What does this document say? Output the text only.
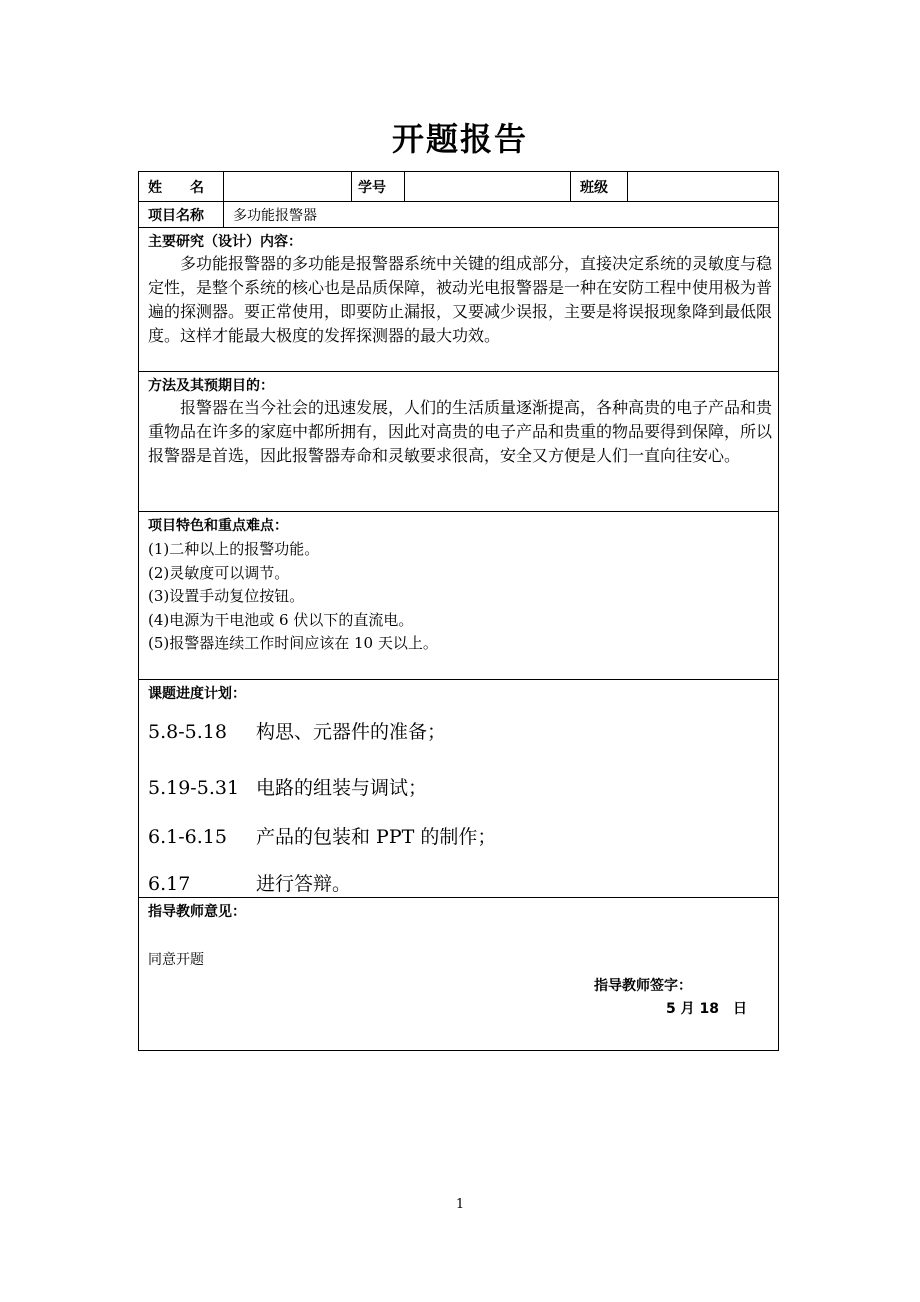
开题报告
姓　　名	学号	班级
项目名称 多功能报警器
主要研究（设计）内容：
多功能报警器的多功能是报警器系统中关键的组成部分，直接决定系统的灵敏度与稳定性，是整个系统的核心也是品质保障，被动光电报警器是一种在安防工程中使用极为普遍的探测器。要正常使用，即要防止漏报，又要减少误报，主要是将误报现象降到最低限度。这样才能最大极度的发挥探测器的最大功效。
方法及其预期目的：
报警器在当今社会的迅速发展，人们的生活质量逐渐提高，各种高贵的电子产品和贵重物品在许多的家庭中都所拥有，因此对高贵的电子产品和贵重的物品要得到保障，所以报警器是首选，因此报警器寿命和灵敏要求很高，安全又方便是人们一直向往安心。
项目特色和重点难点：
(1)二种以上的报警功能。
(2)灵敏度可以调节。
(3)设置手动复位按钮。
(4)电源为干电池或 6 伏以下的直流电。
(5)报警器连续工作时间应该在 10 天以上。
课题进度计划：
5.8-5.18 构思、元器件的准备；
5.19-5.31 电路的组装与调试；
6.1-6.15 产品的包装和 PPT 的制作；
6.17	进行答辩。
指导教师意见：
同意开题
指导教师签字：
5 月 18　日
1
